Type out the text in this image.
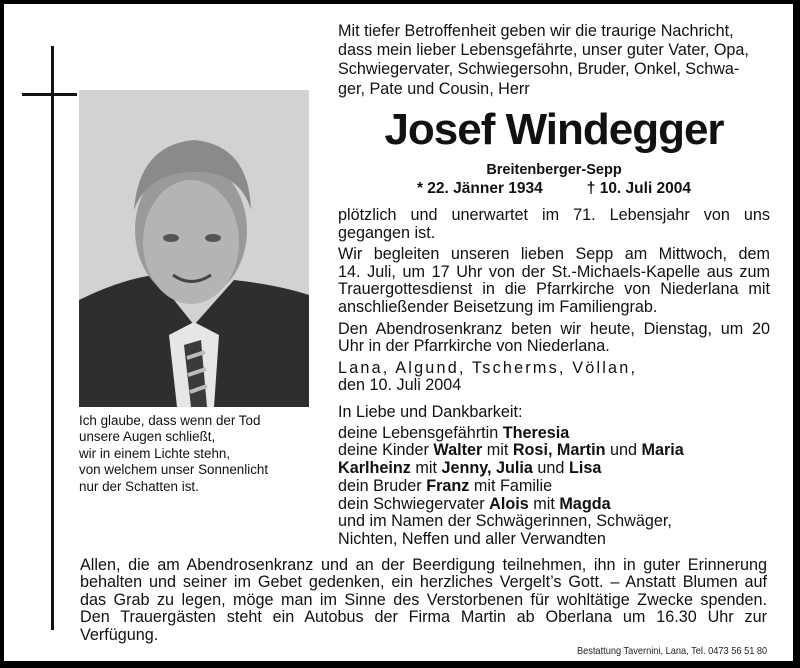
Ich glaube, dass wenn der Tod
unsere Augen schließt,
wir in einem Lichte stehn,
von welchem unser Sonnenlicht
nur der Schatten ist.
Mit tiefer Betroffenheit geben wir die traurige Nachricht,
dass mein lieber Lebensgefährte, unser guter Vater, Opa,
Schwiegervater, Schwiegersohn, Bruder, Onkel, Schwa-
ger, Pate und Cousin, Herr
Josef Windegger
Breitenberger-Sepp
* 22. Jänner 1934	† 10. Juli 2004

plötzlich und unerwartet im 71. Lebensjahr von uns
gegangen ist.

Wir begleiten unseren lieben Sepp am Mittwoch, dem
14. Juli, um 17 Uhr von der St.-Michaels-Kapelle aus zum
Trauergottesdienst in die Pfarrkirche von Niederlana mit
anschließender Beisetzung im Familiengrab.

Den Abendrosenkranz beten wir heute, Dienstag, um 20
Uhr in der Pfarrkirche von Niederlana.

Lana, Algund, Tscherms, Völlan,
den 10. Juli 2004

In Liebe und Dankbarkeit:
deine Lebensgefährtin Theresia
deine Kinder Walter mit Rosi, Martin und Maria
Karlheinz mit Jenny, Julia und Lisa
dein Bruder Franz mit Familie
dein Schwiegervater Alois mit Magda
und im Namen der Schwägerinnen, Schwäger,
Nichten, Neffen und aller Verwandten
Allen, die am Abendrosenkranz und an der Beerdigung teilnehmen, ihn in guter Erinnerung
behalten und seiner im Gebet gedenken, ein herzliches Vergelt’s Gott. – Anstatt Blumen auf
das Grab zu legen, möge man im Sinne des Verstorbenen für wohltätige Zwecke spenden.
Den Trauergästen steht ein Autobus der Firma Martin ab Oberlana um 16.30 Uhr zur
Verfügung.
Bestattung Tavernini, Lana, Tel. 0473 56 51 80
